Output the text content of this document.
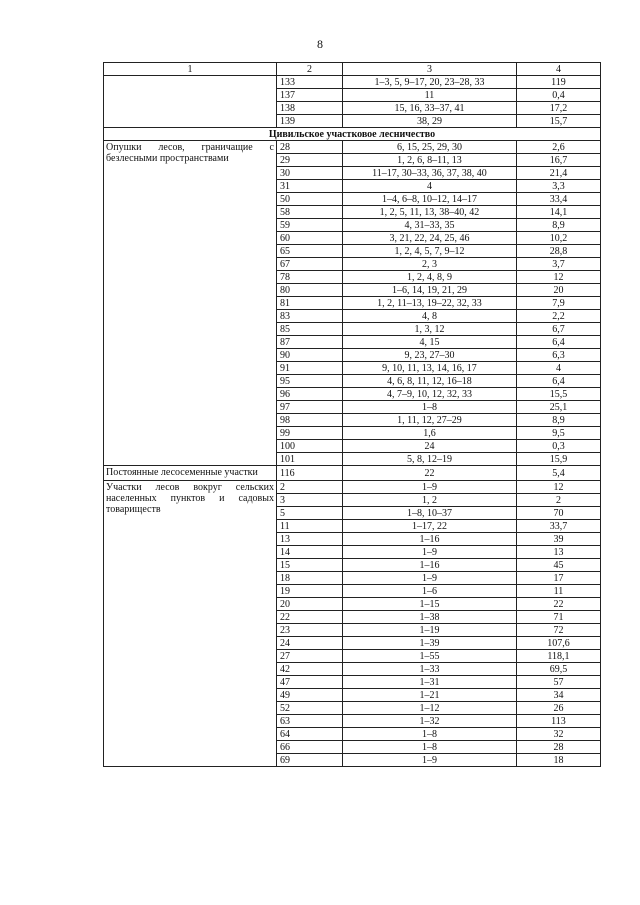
8
1	2	3	4
	133	1–3, 5, 9–17, 20, 23–28, 33	119
	137	11	0,4
	138	15, 16, 33–37, 41	17,2
	139	38, 29	15,7
Цивильское участковое лесничество			

Опушки лесов, граничащие с безлесными пространствами	28	6, 15, 25, 29, 30	2,6
	29	1, 2, 6, 8–11, 13	16,7
	30	11–17, 30–33, 36, 37, 38, 40	21,4
	31	4	3,3
	50	1–4, 6–8, 10–12, 14–17	33,4
	58	1, 2, 5, 11, 13, 38–40, 42	14,1
	59	4, 31–33, 35	8,9
	60	3, 21, 22, 24, 25, 46	10,2
	65	1, 2, 4, 5, 7, 9–12	28,8
	67	2, 3	3,7
	78	1, 2, 4, 8, 9	12
	80	1–6, 14, 19, 21, 29	20
	81	1, 2, 11–13, 19–22, 32, 33	7,9
	83	4, 8	2,2
	85	1, 3, 12	6,7
	87	4, 15	6,4
	90	9, 23, 27–30	6,3
	91	9, 10, 11, 13, 14, 16, 17	4
	95	4, 6, 8, 11, 12, 16–18	6,4
	96	4, 7–9, 10, 12, 32, 33	15,5
	97	1–8	25,1
	98	1, 11, 12, 27–29	8,9
	99	1,6	9,5
	100	24	0,3
	101	5, 8, 12–19	15,9

Постоянные лесосеменные участки	116	22	5,4

Участки лесов вокруг сельских населенных пунктов и садовых товариществ	2	1–9	12
	3	1, 2	2
	5	1–8, 10–37	70
	11	1–17, 22	33,7
	13	1–16	39
	14	1–9	13
	15	1–16	45
	18	1–9	17
	19	1–6	11
	20	1–15	22
	22	1–38	71
	23	1–19	72
	24	1–39	107,6
	27	1–55	118,1
	42	1–33	69,5
	47	1–31	57
	49	1–21	34
	52	1–12	26
	63	1–32	113
	64	1–8	32
	66	1–8	28
	69	1–9	18
